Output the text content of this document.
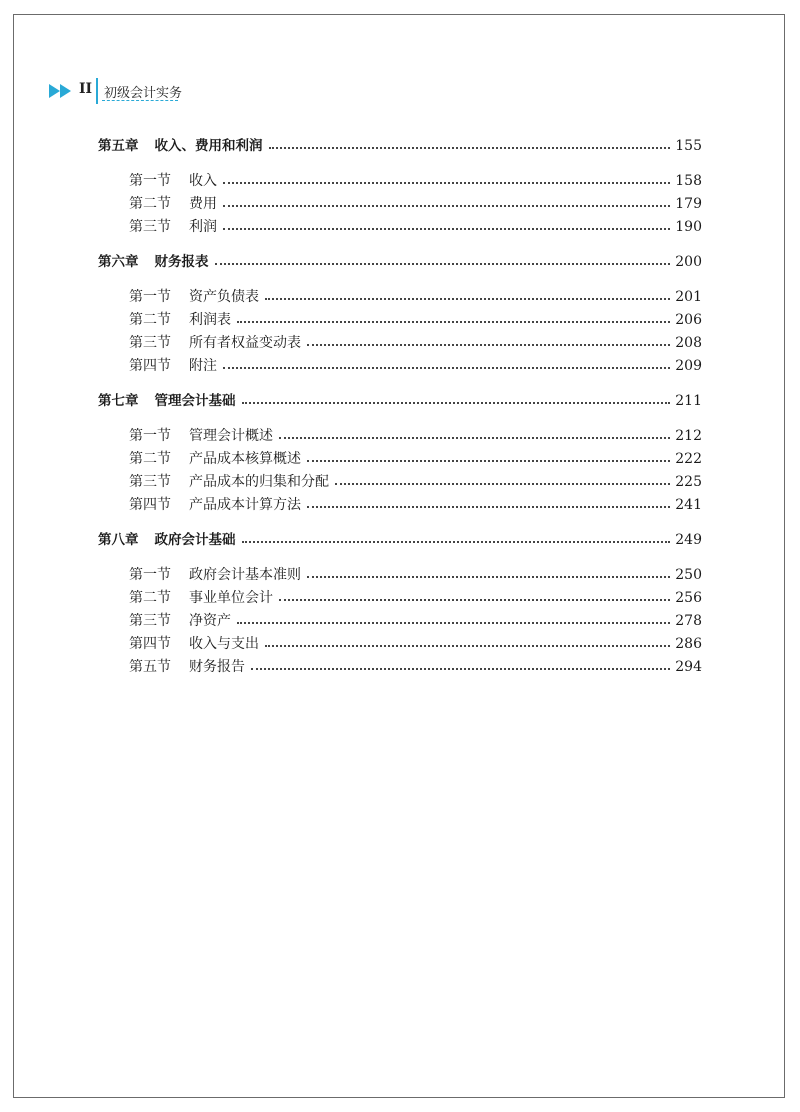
II 初级会计实务
第五章 收入、费用和利润	155
第一节 收入	158
第二节 费用	179
第三节 利润	190
第六章 财务报表	200
第一节 资产负债表	201
第二节 利润表	206
第三节 所有者权益变动表	208
第四节 附注	209
第七章 管理会计基础	211
第一节 管理会计概述	212
第二节 产品成本核算概述	222
第三节 产品成本的归集和分配	225
第四节 产品成本计算方法	241
第八章 政府会计基础	249
第一节 政府会计基本准则	250
第二节 事业单位会计	256
第三节 净资产	278
第四节 收入与支出	286
第五节 财务报告	294
